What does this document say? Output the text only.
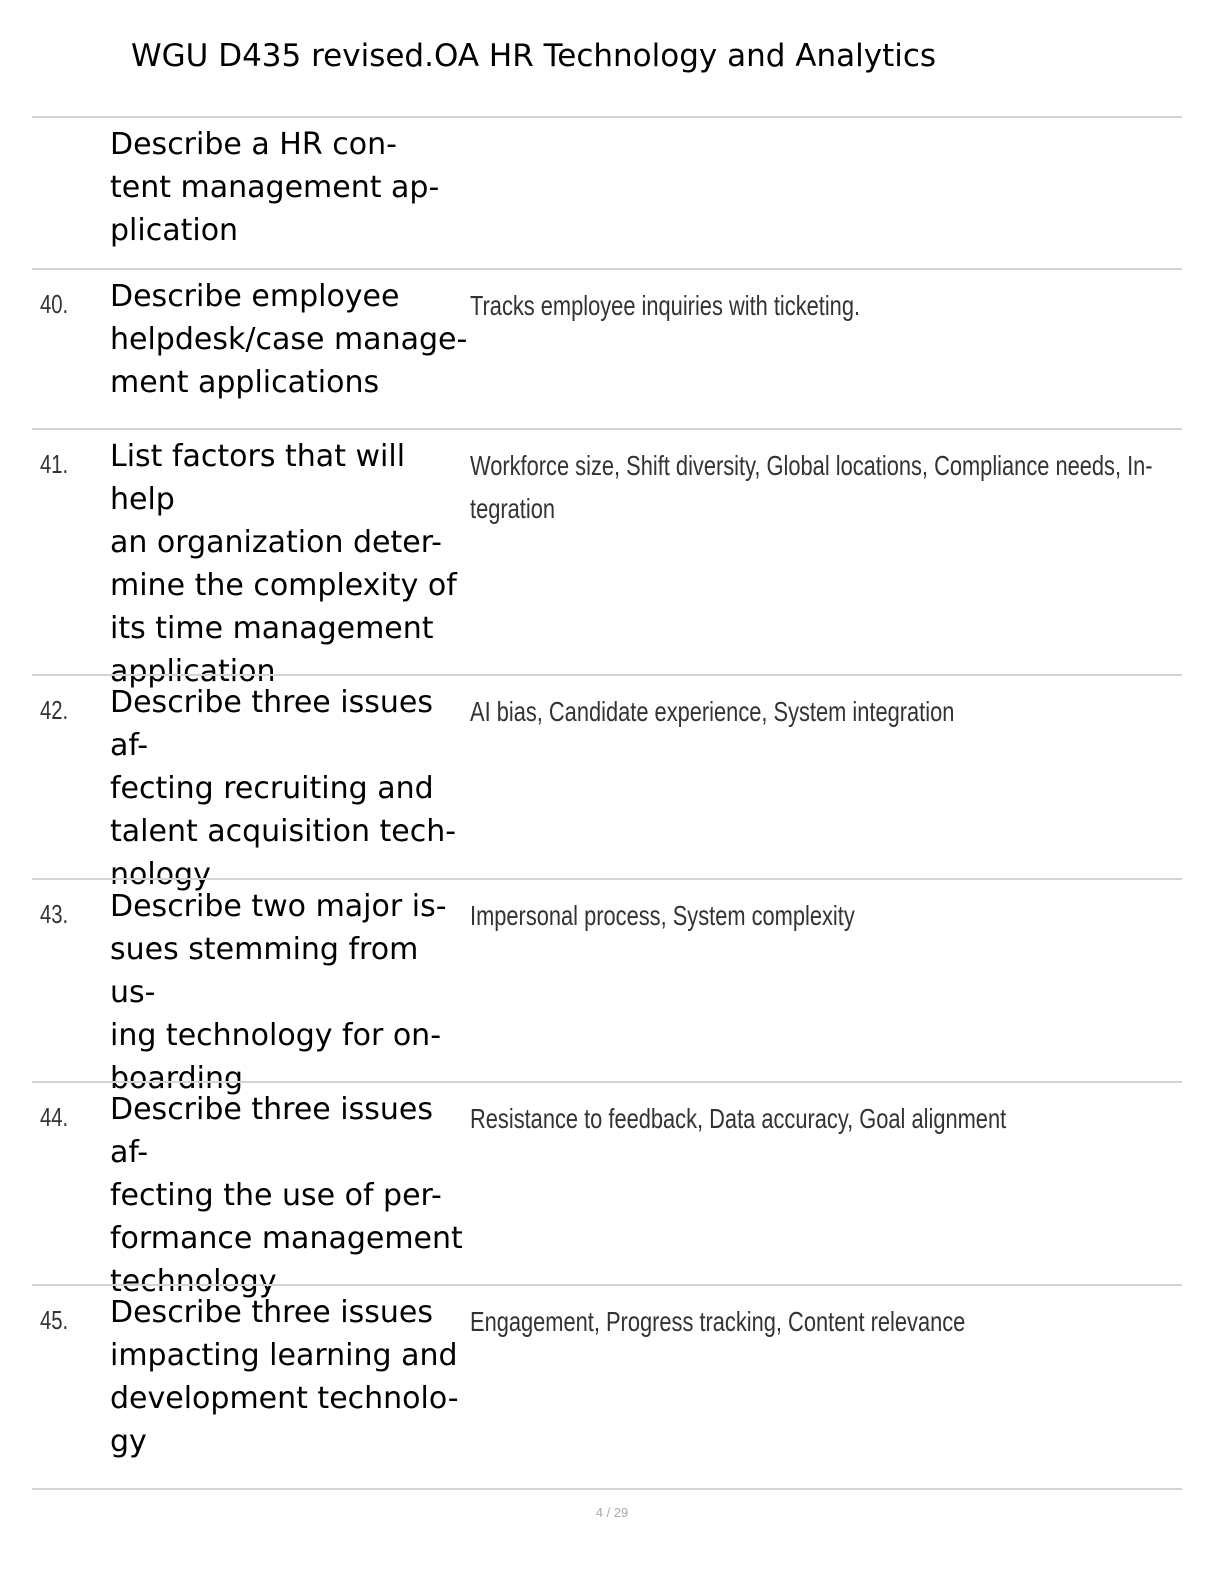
WGU D435 revised.OA HR Technology and Analytics
Describe a HR con-
tent management ap-
plication
40. Describe employee
helpdesk/case manage-
ment applications
Tracks employee inquiries with ticketing.
41. List factors that will help
an organization deter-
mine the complexity of
its time management
application
Workforce size, Shift diversity, Global locations, Compliance needs, In-
tegration
42. Describe three issues af-
fecting recruiting and
talent acquisition tech-
nology
AI bias, Candidate experience, System integration
43. Describe two major is-
sues stemming from us-
ing technology for on-
boarding
Impersonal process, System complexity
44. Describe three issues af-
fecting the use of per-
formance management
technology
Resistance to feedback, Data accuracy, Goal alignment
45. Describe three issues
impacting learning and
development technolo-
gy
Engagement, Progress tracking, Content relevance
4 / 29
